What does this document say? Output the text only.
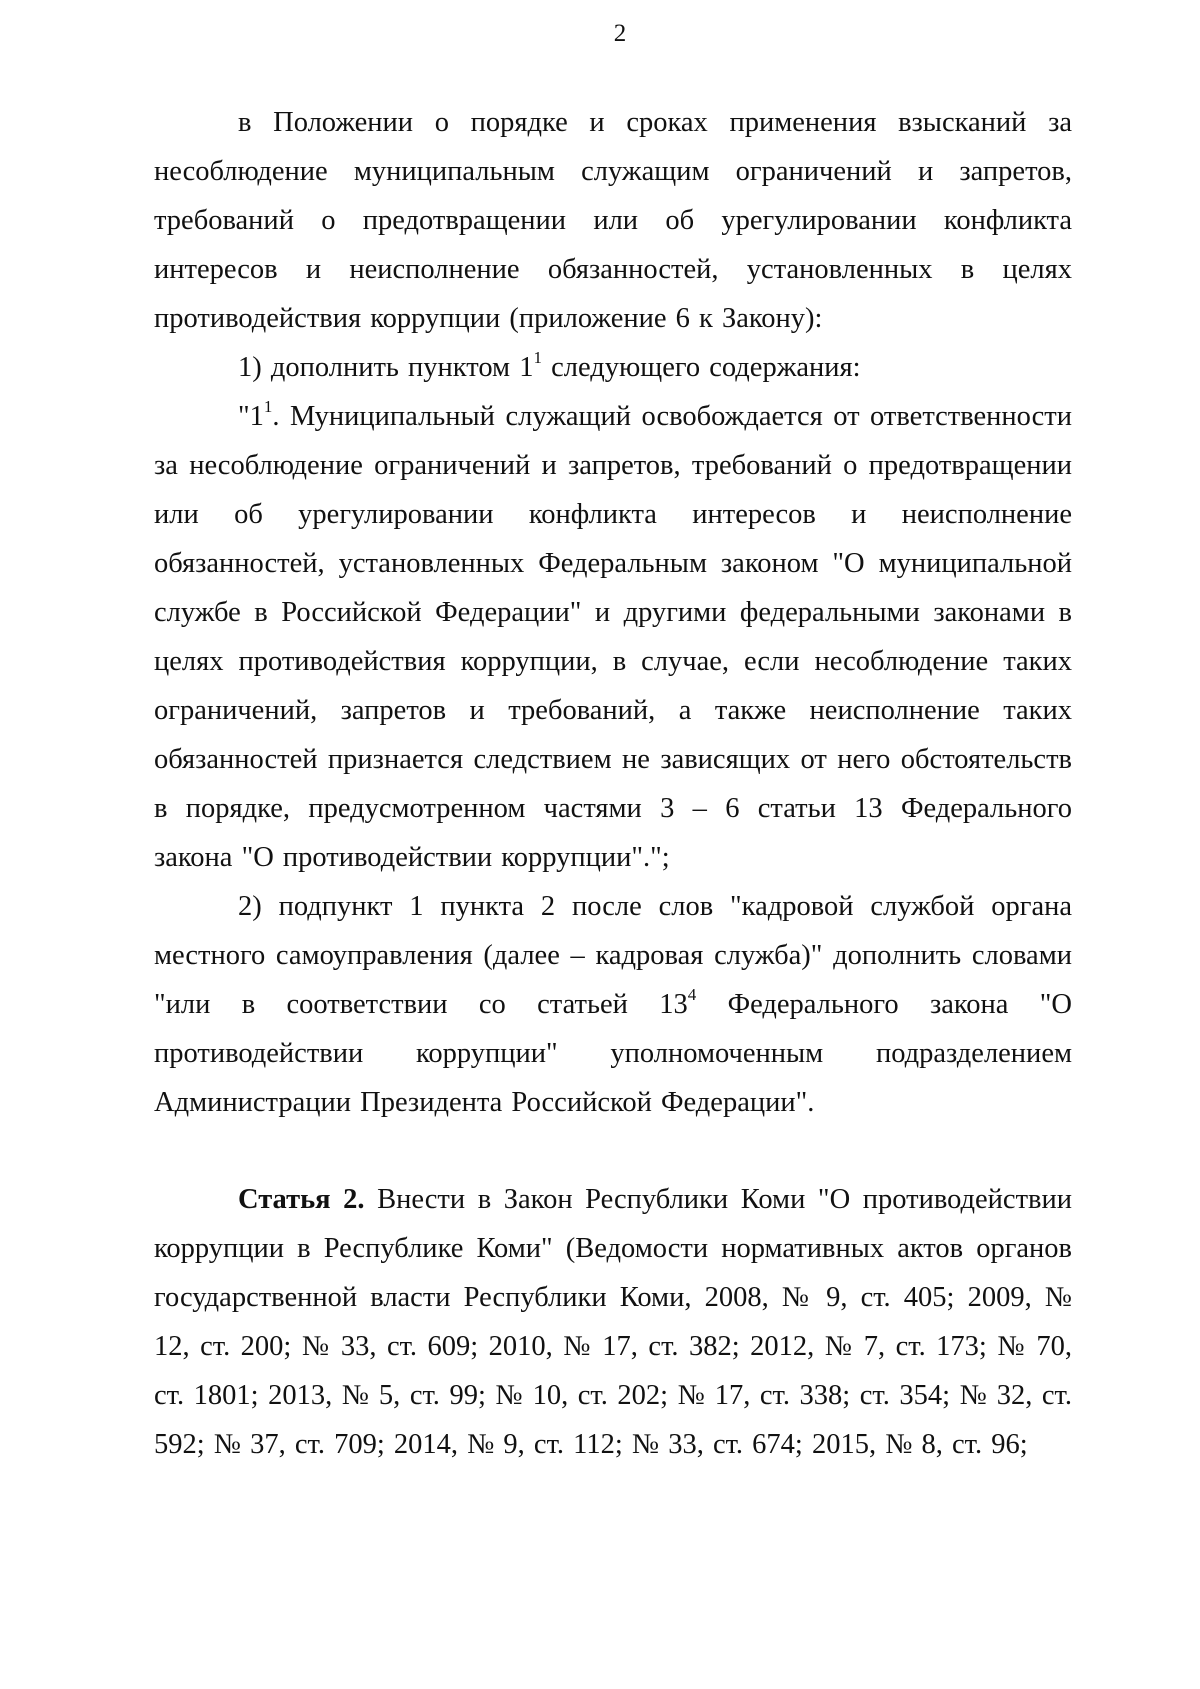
2

в Положении о порядке и сроках применения взысканий за несоблюдение муниципальным служащим ограничений и запретов, требований о предотвращении или об урегулировании конфликта интересов и неисполнение обязанностей, установленных в целях противодействия коррупции (приложение 6 к Закону):

1) дополнить пунктом $1^1$ следующего содержания:

"$1^1$. Муниципальный служащий освобождается от ответственности за несоблюдение ограничений и запретов, требований о предотвращении или об урегулировании конфликта интересов и неисполнение обязанностей, установленных Федеральным законом "О муниципальной службе в Российской Федерации" и другими федеральными законами в целях противодействия коррупции, в случае, если несоблюдение таких ограничений, запретов и требований, а также неисполнение таких обязанностей признается следствием не зависящих от него обстоятельств в порядке, предусмотренном частями 3 – 6 статьи 13 Федерального закона "О противодействии коррупции".";

2) подпункт 1 пункта 2 после слов "кадровой службой органа местного самоуправления (далее – кадровая служба)" дополнить словами "или в соответствии со статьей $13^4$ Федерального закона "О противодействии коррупции" уполномоченным подразделением Администрации Президента Российской Федерации".

Статья 2. Внести в Закон Республики Коми "О противодействии коррупции в Республике Коми" (Ведомости нормативных актов органов государственной власти Республики Коми, 2008, № 9, ст. 405; 2009, № 12, ст. 200; № 33, ст. 609; 2010, № 17, ст. 382; 2012, № 7, ст. 173; № 70, ст. 1801; 2013, № 5, ст. 99; № 10, ст. 202; № 17, ст. 338; ст. 354; № 32, ст. 592; № 37, ст. 709; 2014, № 9, ст. 112; № 33, ст. 674; 2015, № 8, ст. 96;
